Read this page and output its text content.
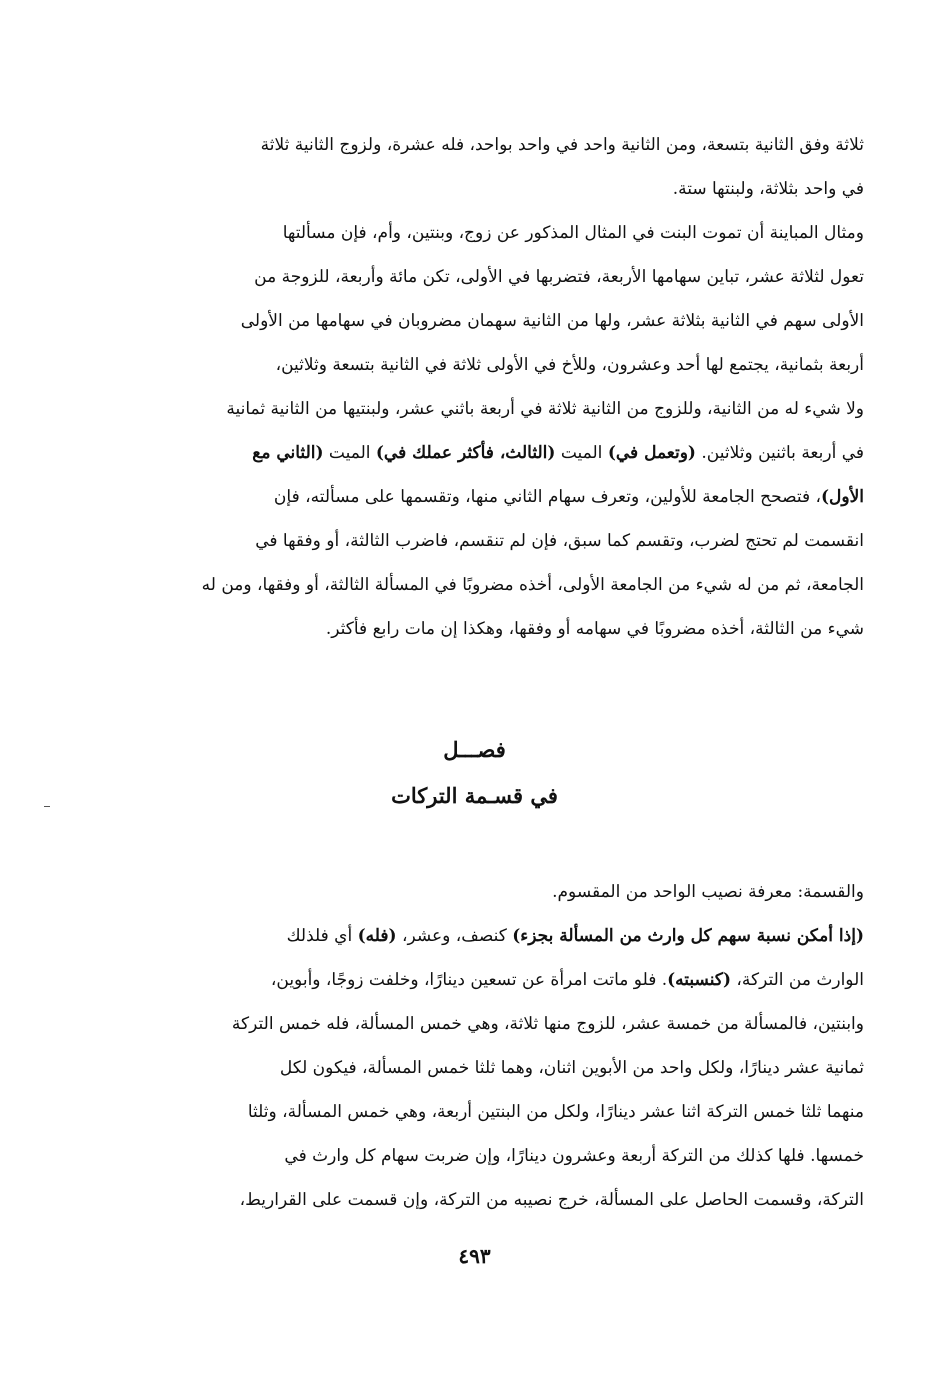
ثلاثة وفق الثانية بتسعة، ومن الثانية واحد في واحد بواحد، فله عشرة، ولزوج الثانية ثلاثة
في واحد بثلاثة، ولبنتها ستة.
ومثال المباينة أن تموت البنت في المثال المذكور عن زوج، وبنتين، وأم، فإن مسألتها
تعول لثلاثة عشر، تباين سهامها الأربعة، فتضربها في الأولى، تكن مائة وأربعة، للزوجة من
الأولى سهم في الثانية بثلاثة عشر، ولها من الثانية سهمان مضروبان في سهامها من الأولى
أربعة بثمانية، يجتمع لها أحد وعشرون، وللأخ في الأولى ثلاثة في الثانية بتسعة وثلاثين،
ولا شيء له من الثانية، وللزوج من الثانية ثلاثة في أربعة باثني عشر، ولبنتيها من الثانية ثمانية
في أربعة باثنين وثلاثين. (وتعمل في) الميت (الثالث، فأكثر عملك في) الميت (الثاني مع
الأول)، فتصحح الجامعة للأولين، وتعرف سهام الثاني منها، وتقسمها على مسألته، فإن
انقسمت لم تحتج لضرب، وتقسم كما سبق، فإن لم تنقسم، فاضرب الثالثة، أو وفقها في
الجامعة، ثم من له شيء من الجامعة الأولى، أخذه مضروبًا في المسألة الثالثة، أو وفقها، ومن له
شيء من الثالثة، أخذه مضروبًا في سهامه أو وفقها، وهكذا إن مات رابع فأكثر.
فصـــل
في قسـمة التركات
والقسمة: معرفة نصيب الواحد من المقسوم.
(إذا أمكن نسبة سهم كل وارث من المسألة بجزء) كنصف، وعشر، (فله) أي فلذلك
الوارث من التركة، (كنسبته). فلو ماتت امرأة عن تسعين دينارًا، وخلفت زوجًا، وأبوين،
وابنتين، فالمسألة من خمسة عشر، للزوج منها ثلاثة، وهي خمس المسألة، فله خمس التركة
ثمانية عشر دينارًا، ولكل واحد من الأبوين اثنان، وهما ثلثا خمس المسألة، فيكون لكل
منهما ثلثا خمس التركة اثنا عشر دينارًا، ولكل من البنتين أربعة، وهي خمس المسألة، وثلثا
خمسها. فلها كذلك من التركة أربعة وعشرون دينارًا، وإن ضربت سهام كل وارث في
التركة، وقسمت الحاصل على المسألة، خرج نصيبه من التركة، وإن قسمت على القراريط،
٤٩٣
